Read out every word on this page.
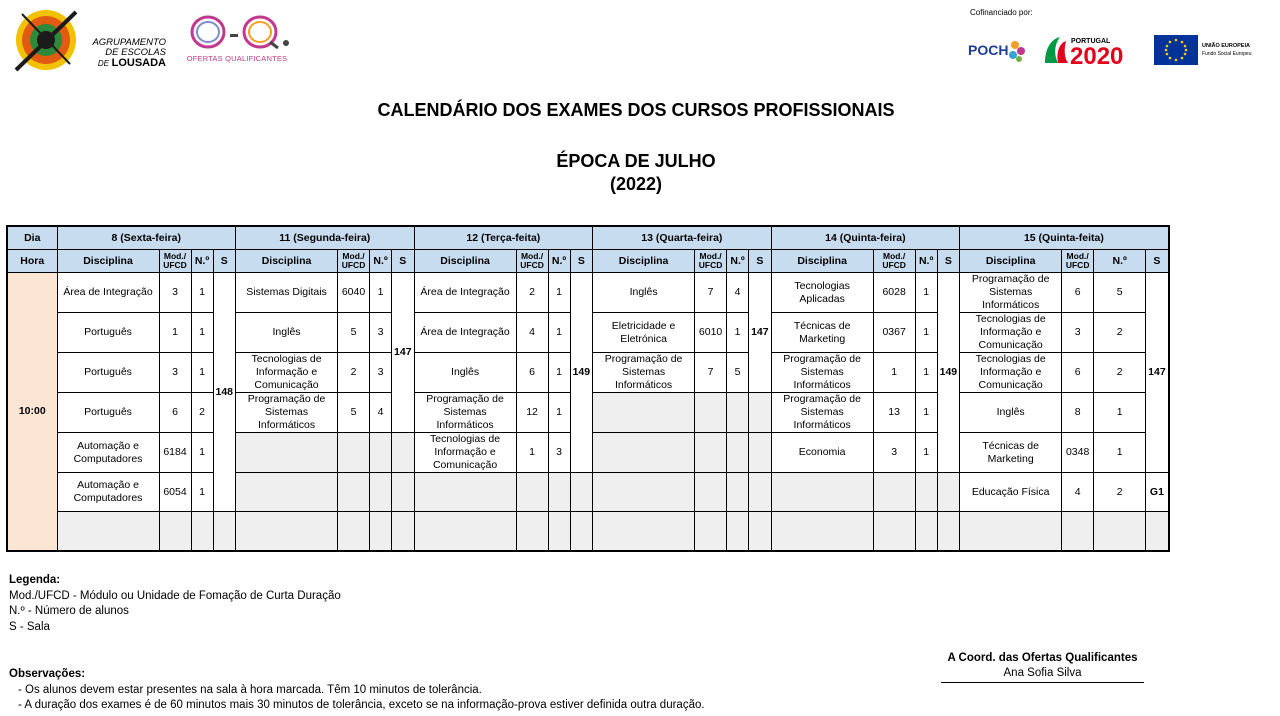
AGRUPAMENTO
DE ESCOLAS
DE LOUSADA	OFERTAS QUALIFICANTES
Cofinanciado por:
POCH
PORTUGAL
2020	UNIÃO EUROPEIA
Fundo Social Europeu
CALENDÁRIO DOS EXAMES DOS CURSOS PROFISSIONAIS
ÉPOCA DE JULHO
(2022)
Dia	8 (Sexta-feira)				11 (Segunda-feira)				12 (Terça-feita)				13 (Quarta-feira)				14 (Quinta-feira)				15 (Quinta-feita)			
Hora	Disciplina	Mod./ UFCD	N.º	S	Disciplina	Mod./ UFCD	N.º	S	Disciplina	Mod./ UFCD	N.º	S	Disciplina	Mod./ UFCD	N.º	S	Disciplina	Mod./ UFCD	N.º	S	Disciplina	Mod./ UFCD	N.º	S
10:00	Área de Integração	3	1	148	Sistemas Digitais	6040	1	147	Área de Integração	2	1	149	Inglês	7	4	147	Tecnologias Aplicadas	6028	1	149	Programação de Sistemas Informáticos	6	5	147
	Português	1	1		Inglês	5	3		Área de Integração	4	1		Eletricidade e Eletrónica	6010	1		Técnicas de Marketing	0367	1		Tecnologias de Informação e Comunicação	3	2	
	Português	3	1		Tecnologias de Informação e Comunicação	2	3		Inglês	6	1		Programação de Sistemas Informáticos	7	5		Programação de Sistemas Informáticos	1	1		Tecnologias de Informação e Comunicação	6	2	
	Português	6	2		Programação de Sistemas Informáticos	5	4		Programação de Sistemas Informáticos	12	1						Programação de Sistemas Informáticos	13	1		Inglês	8	1	
	Automação e Computadores	6184	1						Tecnologias de Informação e Comunicação	1	3						Economia	3	1		Técnicas de Marketing	0348	1	
	Automação e Computadores	6054	1																		Educação Física	4	2	G1

Legenda:
Mod./UFCD - Módulo ou Unidade de Fomação de Curta Duração
N.º - Número de alunos
S - Sala
Observações:
- Os alunos devem estar presentes na sala à hora marcada. Têm 10 minutos de tolerância.
- A duração dos exames é de 60 minutos mais 30 minutos de tolerância, exceto se na informação-prova estiver definida outra duração.
A Coord. das Ofertas Qualificantes
Ana Sofia Silva
